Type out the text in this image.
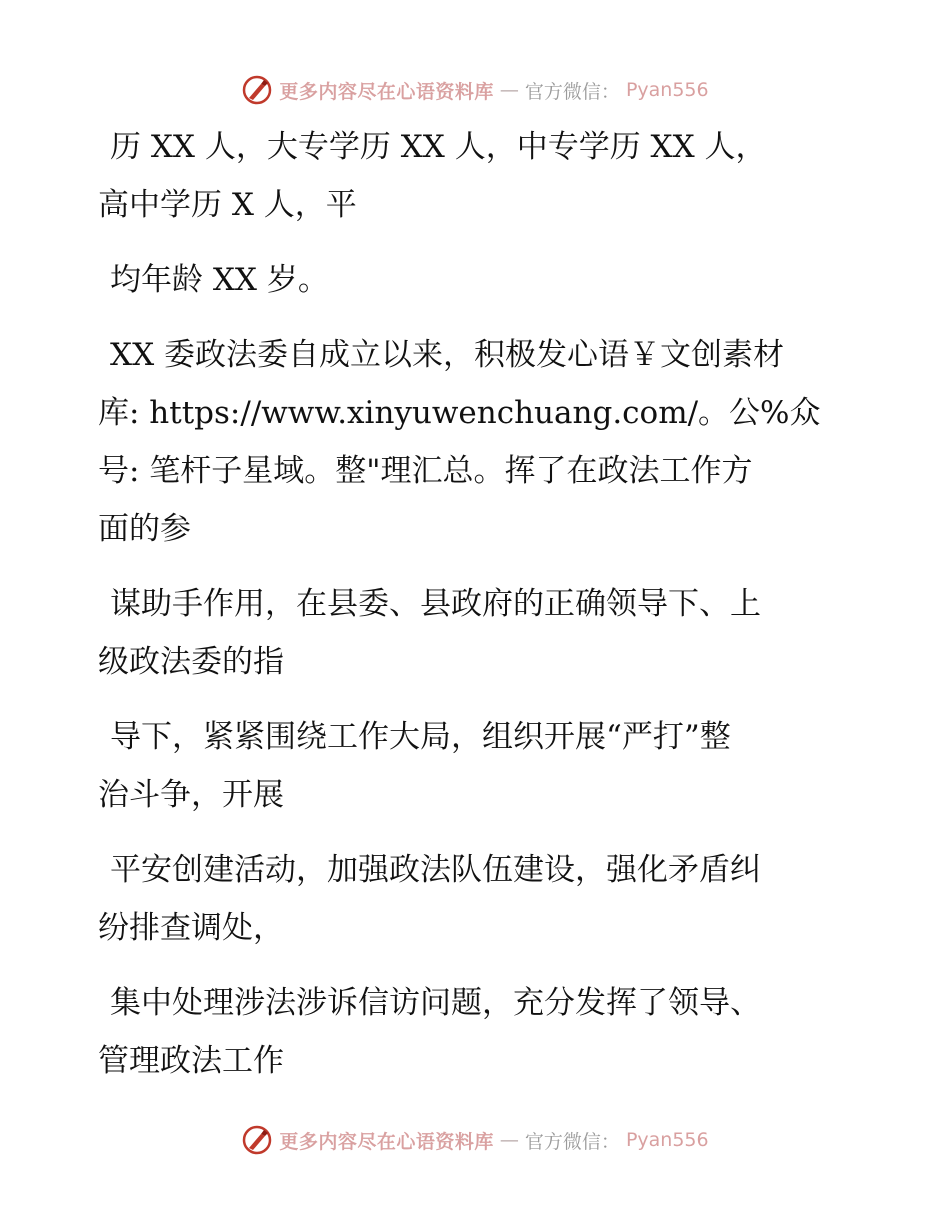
更多内容尽在心语资料库 — 官方微信： Pyan556
历 XX 人，大专学历 XX 人，中专学历 XX 人，
高中学历 X 人，平
均年龄 XX 岁。
XX 委政法委自成立以来，积极发心语￥文创素材
库: https://www.xinyuwenchuang.com/。公%众
号: 笔杆子星域。整"理汇总。挥了在政法工作方
面的参
谋助手作用，在县委、县政府的正确领导下、上
级政法委的指
导下，紧紧围绕工作大局，组织开展“严打”整
治斗争，开展
平安创建活动，加强政法队伍建设，强化矛盾纠
纷排查调处，
集中处理涉法涉诉信访问题，充分发挥了领导、
管理政法工作
更多内容尽在心语资料库 — 官方微信： Pyan556
